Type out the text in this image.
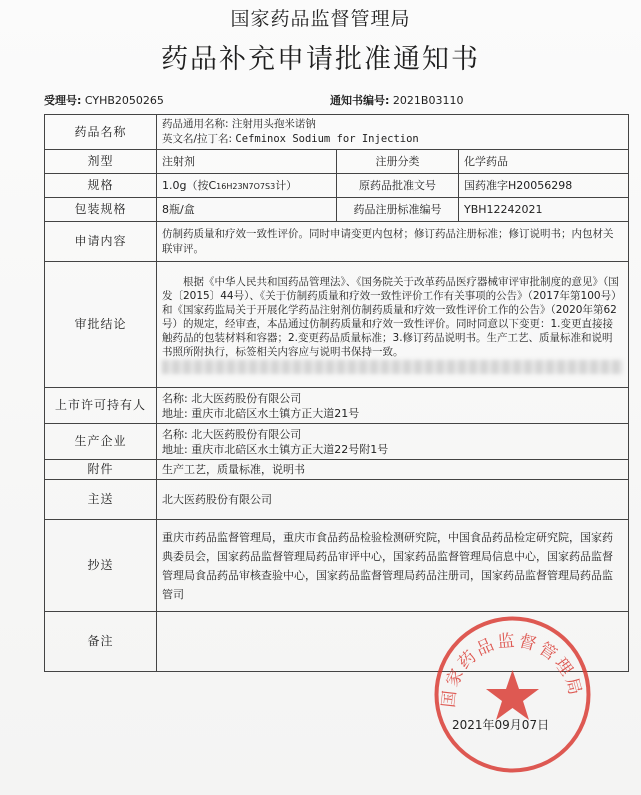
国家药品监督管理局
药品补充申请批准通知书
受理号: CYHB2050265	通知书编号: 2021B03110
药品名称	药品通用名称: 注射用头孢米诺钠
英文名/拉丁名: Cefminox Sodium for Injection		

剂型	注射剂	注册分类	化学药品
规格	1.0g（按C16H23N7O7S3计）	原药品批准文号	国药准字H20056298
包装规格	8瓶/盒	药品注册标准编号	YBH12242021
申请内容	仿制药质量和疗效一致性评价。同时申请变更内包材；修订药品注册标准；修订说明书；内包材关联审评。		
审批结论	根据《中华人民共和国药品管理法》、《国务院关于改革药品医疗器械审评审批制度的意见》（国发〔2015〕44号）、《关于仿制药质量和疗效一致性评价工作有关事项的公告》（2017年第100号）和《国家药监局关于开展化学药品注射剂仿制药质量和疗效一致性评价工作的公告》（2020年第62号）的规定，经审查，本品通过仿制药质量和疗效一致性评价。同时同意以下变更：1.变更直接接触药品的包装材料和容器；2.变更药品质量标准；3.修订药品说明书。生产工艺、质量标准和说明书照所附执行，标签相关内容应与说明书保持一致。		

上市许可持有人	名称: 北大医药股份有限公司
地址: 重庆市北碚区水土镇方正大道21号		

生产企业	名称: 北大医药股份有限公司
地址: 重庆市北碚区水土镇方正大道22号附1号		

附件	生产工艺，质量标准，说明书		
主送	北大医药股份有限公司		
抄送	重庆市药品监督管理局，重庆市食品药品检验检测研究院，中国食品药品检定研究院，国家药典委员会，国家药品监督管理局药品审评中心，国家药品监督管理局信息中心，国家药品监督管理局食品药品审核查验中心，国家药品监督管理局药品注册司，国家药品监督管理局药品监管司		
备注			
国家药品监督管理局
2021年09月07日
